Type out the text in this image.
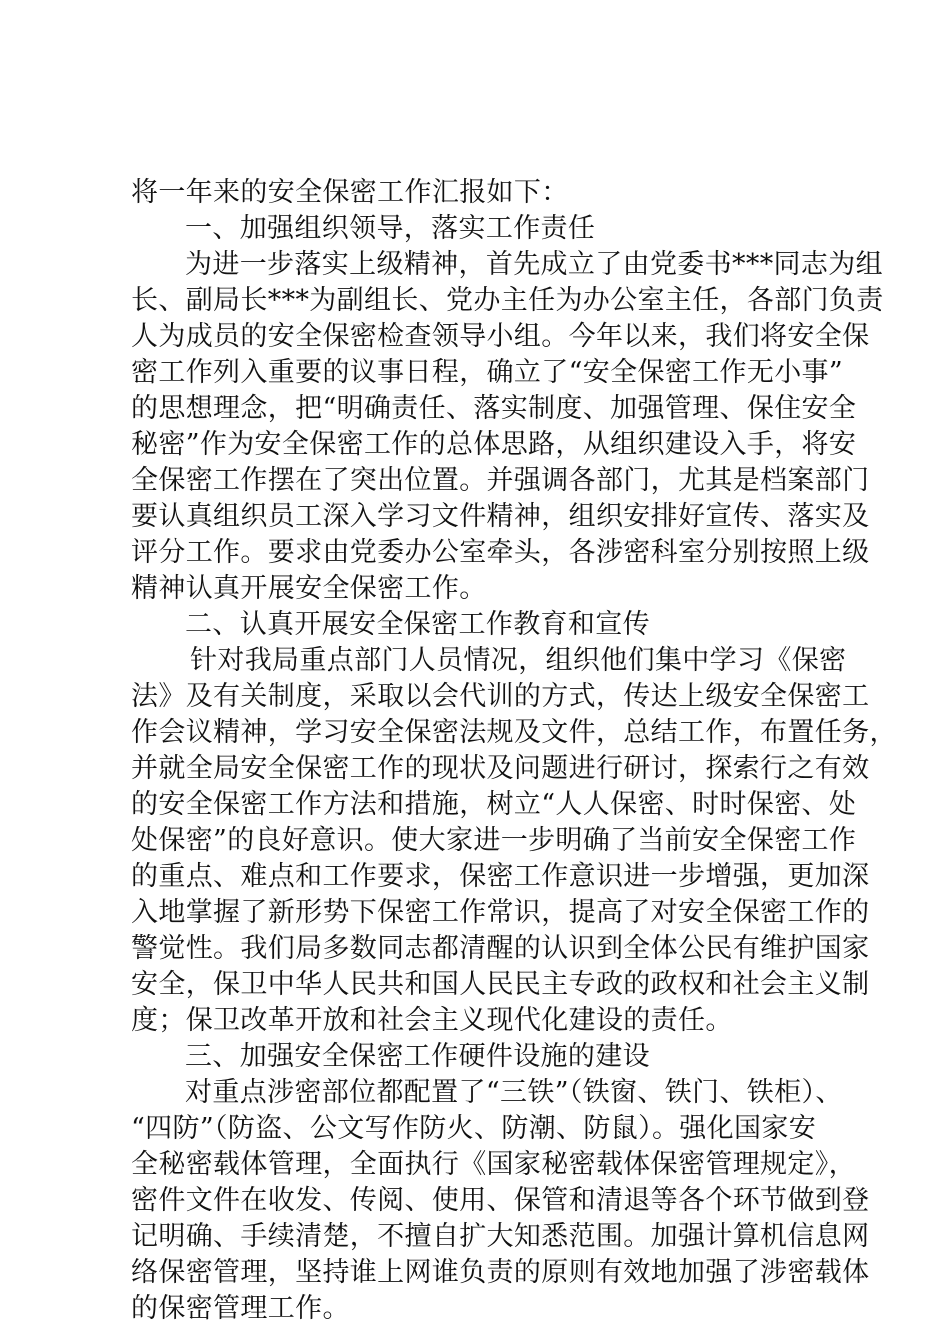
将一年来的安全保密工作汇报如下：
一、加强组织领导，落实工作责任
为进一步落实上级精神，首先成立了由党委书***同志为组
长、副局长***为副组长、党办主任为办公室主任，各部门负责
人为成员的安全保密检查领导小组。今年以来，我们将安全保
密工作列入重要的议事日程，确立了“安全保密工作无小事”
的思想理念，把“明确责任、落实制度、加强管理、保住安全
秘密”作为安全保密工作的总体思路，从组织建设入手，将安
全保密工作摆在了突出位置。并强调各部门，尤其是档案部门
要认真组织员工深入学习文件精神，组织安排好宣传、落实及
评分工作。要求由党委办公室牵头，各涉密科室分别按照上级
精神认真开展安全保密工作。
二、认真开展安全保密工作教育和宣传
针对我局重点部门人员情况，组织他们集中学习《保密
法》及有关制度，采取以会代训的方式，传达上级安全保密工
作会议精神，学习安全保密法规及文件，总结工作，布置任务，
并就全局安全保密工作的现状及问题进行研讨，探索行之有效
的安全保密工作方法和措施，树立“人人保密、时时保密、处
处保密”的良好意识。使大家进一步明确了当前安全保密工作
的重点、难点和工作要求，保密工作意识进一步增强，更加深
入地掌握了新形势下保密工作常识，提高了对安全保密工作的
警觉性。我们局多数同志都清醒的认识到全体公民有维护国家
安全，保卫中华人民共和国人民民主专政的政权和社会主义制
度；保卫改革开放和社会主义现代化建设的责任。
三、加强安全保密工作硬件设施的建设
对重点涉密部位都配置了“三铁”（铁窗、铁门、铁柜）、
“四防”（防盗、公文写作防火、防潮、防鼠）。强化国家安
全秘密载体管理，全面执行《国家秘密载体保密管理规定》，
密件文件在收发、传阅、使用、保管和清退等各个环节做到登
记明确、手续清楚，不擅自扩大知悉范围。加强计算机信息网
络保密管理，坚持谁上网谁负责的原则有效地加强了涉密载体
的保密管理工作。
